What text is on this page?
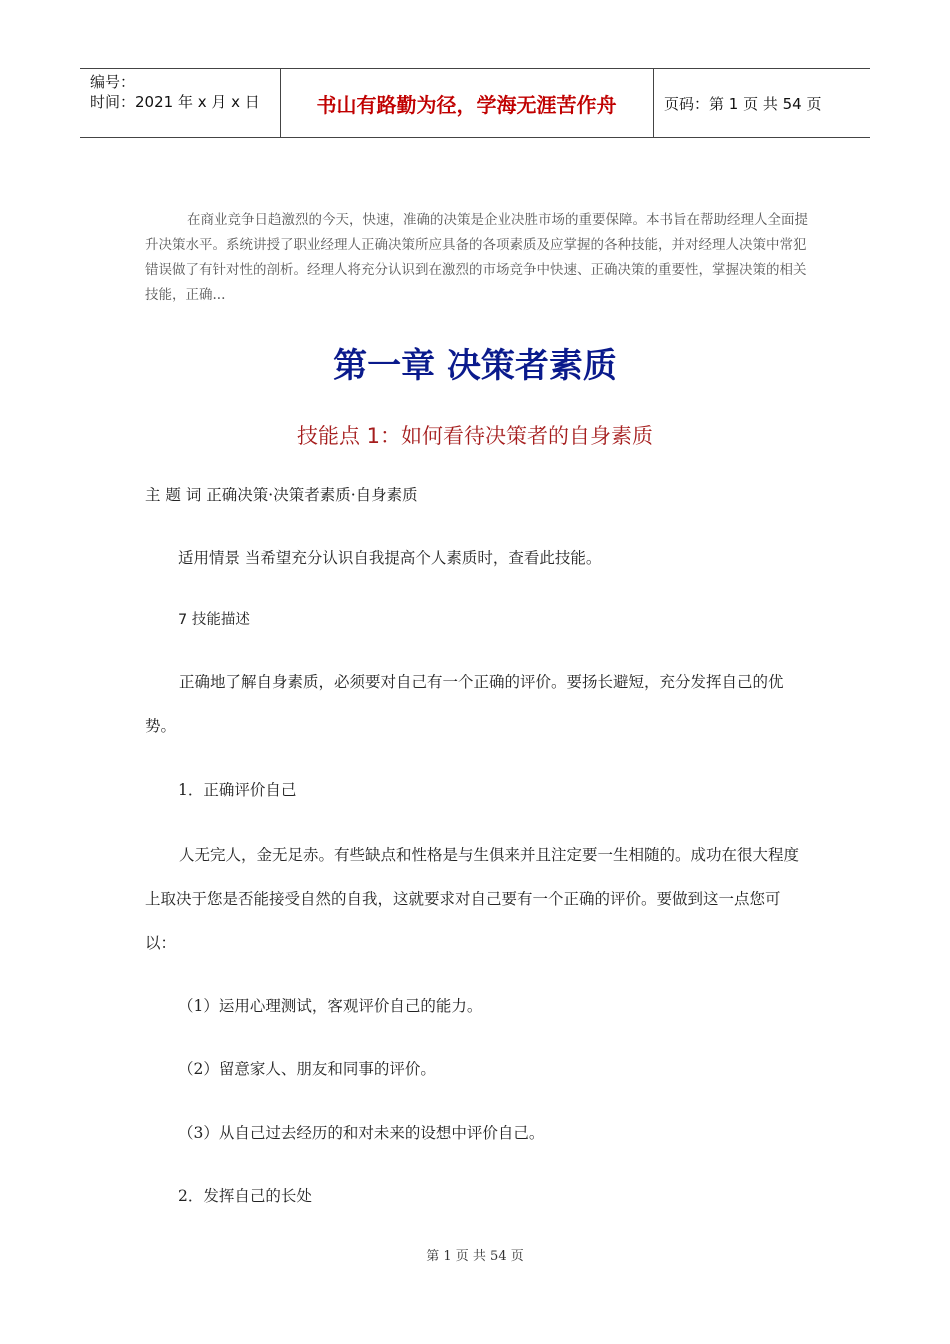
编号：
时间：2021 年 x 月 x 日	书山有路勤为径，学海无涯苦作舟	页码：第 1 页 共 54 页
在商业竞争日趋激烈的今天，快速，准确的决策是企业决胜市场的重要保障。本书旨在帮助经理人全面提升决策水平。系统讲授了职业经理人正确决策所应具备的各项素质及应掌握的各种技能，并对经理人决策中常犯错误做了有针对性的剖析。经理人将充分认识到在激烈的市场竞争中快速、正确决策的重要性，掌握决策的相关技能，正确...
第一章 决策者素质
技能点 1：如何看待决策者的自身素质
主 题 词 正确决策·决策者素质·自身素质
适用情景 当希望充分认识自我提高个人素质时，查看此技能。
7 技能描述
正确地了解自身素质，必须要对自己有一个正确的评价。要扬长避短，充分发挥自己的优势。
1．正确评价自己
人无完人，金无足赤。有些缺点和性格是与生俱来并且注定要一生相随的。成功在很大程度上取决于您是否能接受自然的自我，这就要求对自己要有一个正确的评价。要做到这一点您可以：
（1）运用心理测试，客观评价自己的能力。
（2）留意家人、朋友和同事的评价。
（3）从自己过去经历的和对未来的设想中评价自己。
2．发挥自己的长处
第 1 页 共 54 页
